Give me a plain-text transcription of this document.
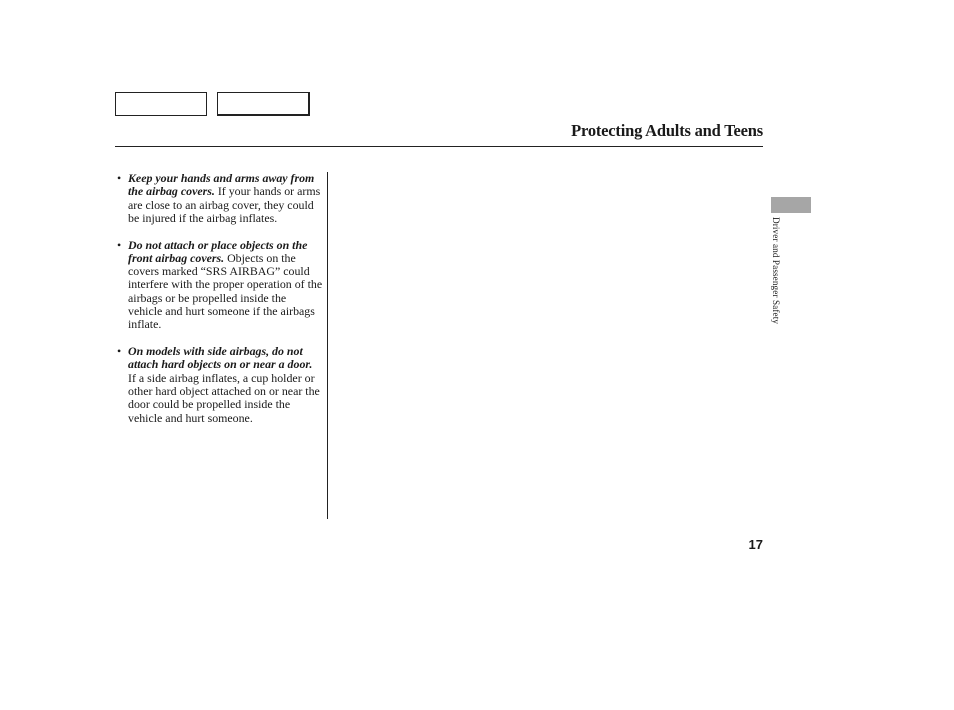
Protecting Adults and Teens
• Keep your hands and arms away from the airbag covers. If your hands or arms are close to an airbag cover, they could be injured if the airbag inflates.
• Do not attach or place objects on the front airbag covers. Objects on the covers marked “SRS AIRBAG” could interfere with the proper operation of the airbags or be propelled inside the vehicle and hurt someone if the airbags inflate.
• On models with side airbags, do not attach hard objects on or near a door. If a side airbag inflates, a cup holder or other hard object attached on or near the door could be propelled inside the vehicle and hurt someone.
Driver and Passenger Safety
17
